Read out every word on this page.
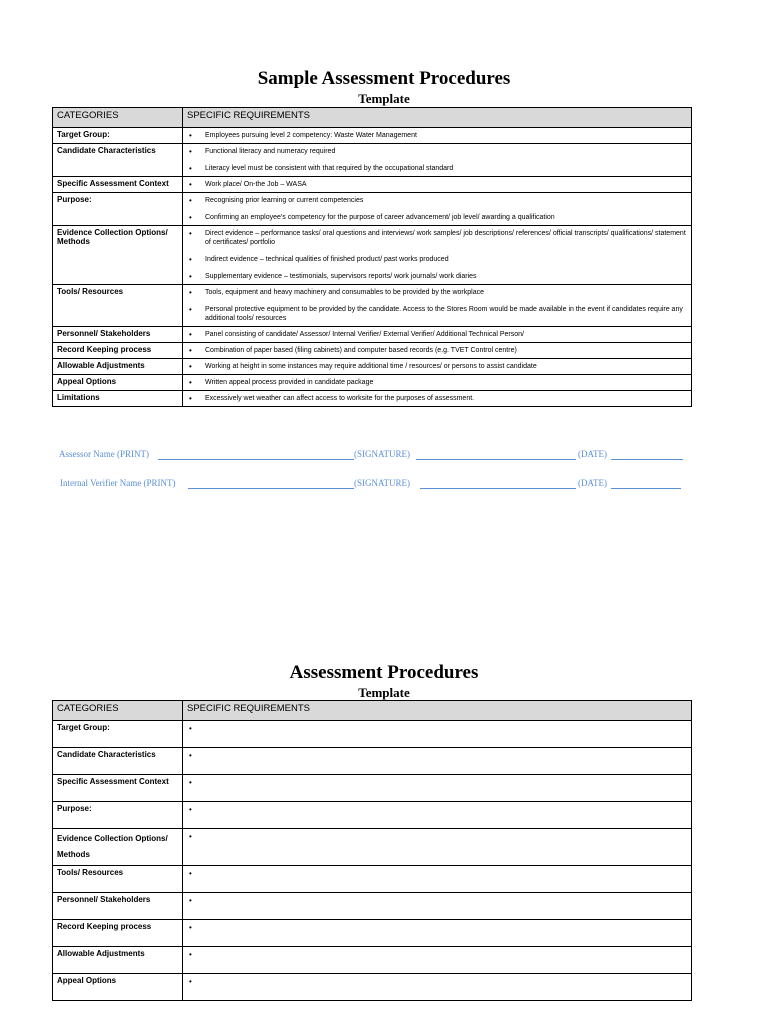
Sample Assessment Procedures
Template
CATEGORIES	SPECIFIC REQUIREMENTS
Target Group:	• Employees pursuing level 2 competency: Waste Water Management

Candidate Characteristics	• Functional literacy and numeracy required
• Literacy level must be consistent with that required by the occupational standard

Specific Assessment Context	• Work place/ On-the Job – WASA

Purpose:	• Recognising prior learning or current competencies
• Confirming an employee’s competency for the purpose of career advancement/ job level/ awarding a qualification

Evidence Collection Options/ Methods	• Direct evidence – performance tasks/ oral questions and interviews/ work samples/ job descriptions/ references/ official transcripts/ qualifications/ statement of certificates/ portfolio
• Indirect evidence – technical qualities of finished product/ past works produced
• Supplementary evidence – testimonials, supervisors reports/ work journals/ work diaries

Tools/ Resources	• Tools, equipment and heavy machinery and consumables to be provided by the workplace
• Personal protective equipment to be provided by the candidate. Access to the Stores Room would be made available in the event if candidates require any additional tools/ resources

Personnel/ Stakeholders	• Panel consisting of candidate/ Assessor/ Internal Verifier/ External Verifier/ Additional Technical Person/

Record Keeping process	• Combination of paper based (filing cabinets) and computer based records (e.g. TVET Control centre)

Allowable Adjustments	• Working at height in some instances may require additional time / resources/ or persons to assist candidate

Appeal Options	• Written appeal process provided in candidate package

Limitations	• Excessively wet weather can affect access to worksite for the purposes of assessment.
Assessor Name (PRINT)	(SIGNATURE)	(DATE)
Internal Verifier Name (PRINT)	(SIGNATURE)	(DATE)
Assessment Procedures
Template
CATEGORIES	SPECIFIC REQUIREMENTS
Target Group:	

Candidate Characteristics	

Specific Assessment Context	

Purpose:	

Evidence Collection Options/ Methods	

Tools/ Resources	

Personnel/ Stakeholders	

Record Keeping process	

Allowable Adjustments	

Appeal Options	
